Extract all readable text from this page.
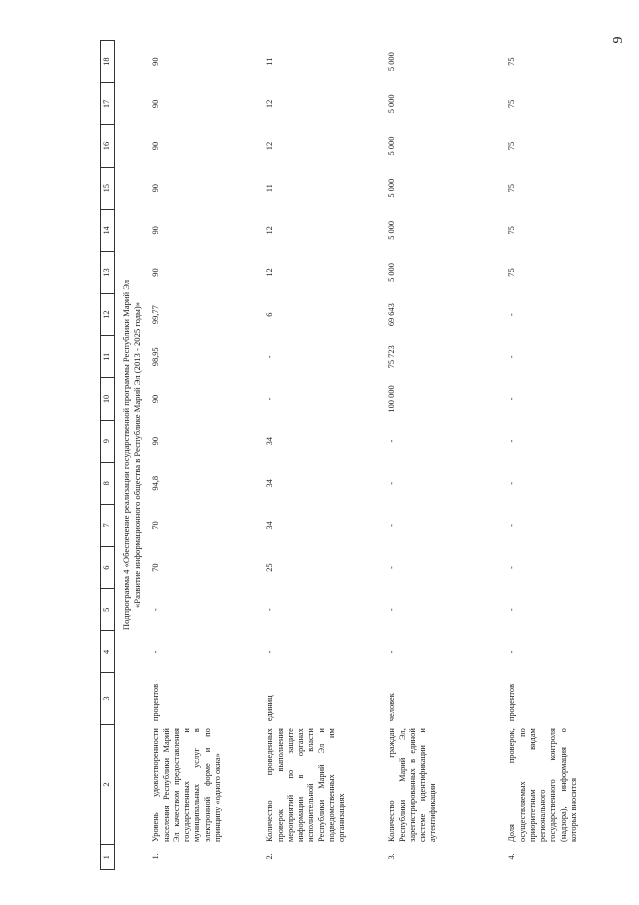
9
1	2	3	4	5	6	7	8	9	10	11	12	13	14	15	16	17	18

Подпрограмма 4 «Обеспечение реализации государственной программы Республики Марий Эл «Развитие информационного общества в Республике Марий Эл (2013 - 2025 годы)»																	

1.	Уровень удовлетворенности населения Республики Марий Эл качеством предоставления государственных и муниципальных услуг в электронной форме и по принципу «одного окна»	процентов	-	-	70	70	94,8	90	90	98,95	99,77	90	90	90	90	90	90
2.	Количество проведенных проверок выполнения мероприятий по защите информации в органах исполнительной власти Республики Марий Эл и подведомственных им организациях	единиц	-	-	25	34	34	34	-	-	6	12	12	11	12	12	11
3.	Количество граждан Республики Марий Эл, зарегистрированных в единой системе идентификации и аутентификации	человек	-	-	-	-	-	-	100 000	75 723	69 643	5 000	5 000	5 000	5 000	5 000	5 000
4.	Доля проверок, осуществляемых по приоритетным видам регионального государственного контроля (надзора), информация о которых вносится	процентов	-	-	-	-	-	-	-	-	-	75	75	75	75	75	75
